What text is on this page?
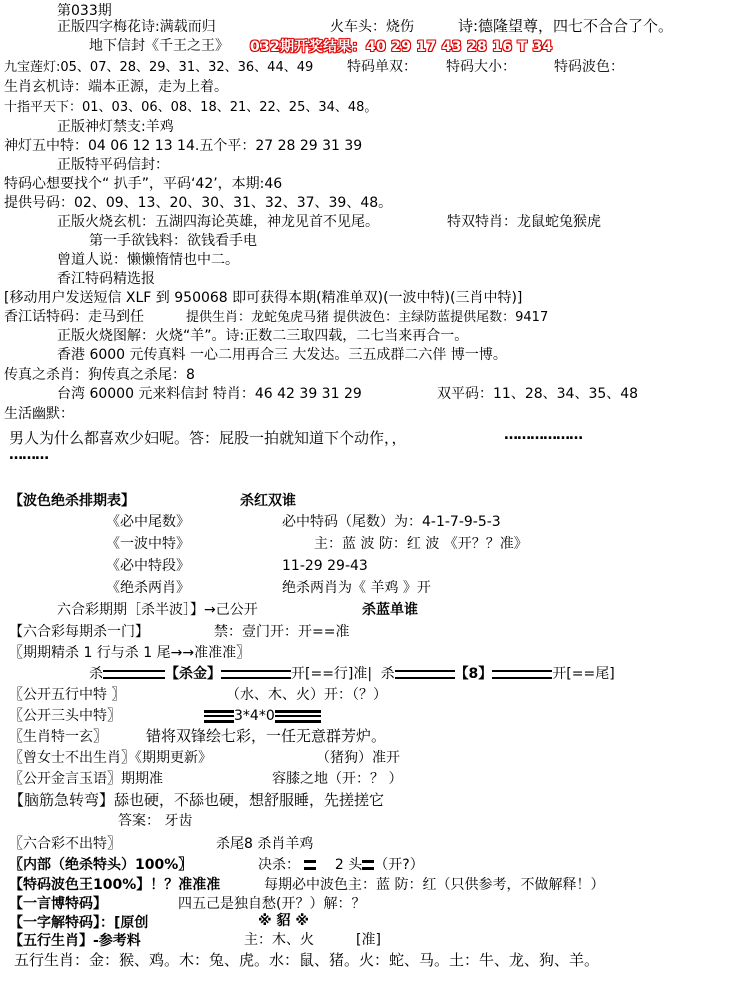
第033期
正版四字梅花诗:满载而归	火车头：烧伤	诗:德隆望尊，四七不合合了个。
地下信封《千王之王》 032期开奖结果：40 29 17 43 28 16 T 34
九宝莲灯:05、07、28、29、31、32、36、44、49 特码单双： 特码大小：	特码波色：
生肖玄机诗：端本正源，走为上着。
十指平天下：01、03、06、08、18、21、22、25、34、48。
正版神灯禁支:羊鸡
神灯五中特：04 06 12 13 14.五个平：27 28 29 31 39
正版特平码信封：
特码心想要找个“ 扒手”，平码‘42’，本期:46
提供号码：02、09、13、20、30、31、32、37、39、48。
正版火烧玄机：五湖四海论英雄，神龙见首不见尾。	特双特肖：龙鼠蛇兔猴虎
第一手欲钱料：欲钱看手电
曾道人说：懒懒惰情也中二。
香江特码精选报
[移动用户发送短信 XLF 到 950068 即可获得本期(精准单双)(一波中特)(三肖中特)]
香江话特码：走马到任	提供生肖：龙蛇兔虎马猪 提供波色：主绿防蓝提供尾数：9417
正版火烧图解：火烧“羊”。诗:正数二三取四载，二七当来再合一。
香港 6000 元传真料 一心二用再合三 大发达。三五成群二六伴 博一博。
传真之杀肖：狗传真之杀尾：8
台湾 60000 元来料信封 特肖：46 42 39 31 29	双平码：11、28、34、35、48
生活幽默：
男人为什么都喜欢少妇呢。答：屁股一拍就知道下个动作，，	………………
………
【波色绝杀排期表】	杀红双谁
《必中尾数》	必中特码（尾数）为：4-1-7-9-5-3
《一波中特》	主：蓝 波 防：红 波 《开？？准》
《必中特段》	11-29 29-43
《绝杀两肖》	绝杀两肖为《 羊鸡 》开
六合彩期期［杀半波］】→己公开	杀蓝单谁
【六合彩每期杀一门】	禁：壹门开：开==准
〖期期精杀 1 行与杀 1 尾→→准准准〗
杀	【杀金】	开[==行]准| 杀	【8】	开[==尾]
〖公开五行中特 〗	（水、木、火）开：（？）
〖公开三头中特〗	3*4*0
〖生肖特一玄〗	错将双锋绘七彩，一任无意群芳炉。
〖曾女士不出生肖〗《期期更新》	（猪狗）准开
〖公开金言玉语〗期期准	容膝之地（开：？ ）
【脑筋急转弯】舔也硬，不舔也硬，想舒服睡，先搓搓它
答案： 牙齿
〖六合彩不出特〗	杀尾8 杀肖羊鸡
〖内部（绝杀特头）100%〗	决杀： 2 头 （开?）
【特码波色王100%】！？准准准	每期必中波色主：蓝 防：红（只供参考，不做解释！）
【一言博特码】	四五己是独自愁(开？）解：？
【一字解特码】：[原创	※ 貂 ※
【五行生肖】-参考料	主：木、火	[准]
五行生肖：金：猴、鸡。木：兔、虎。水：鼠、猪。火：蛇、马。土：牛、龙、狗、羊。
